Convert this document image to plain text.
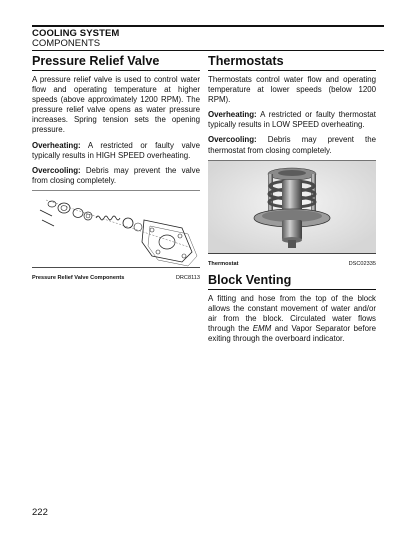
COOLING SYSTEM
COMPONENTS
Pressure Relief Valve

A pressure relief valve is used to control water flow and operating temperature at higher speeds (above approximately 1200 RPM). The pressure relief valve opens as water pressure increases. Spring tension sets the opening pressure.

Overheating: A restricted or faulty valve typically results in HIGH SPEED overheating.

Overcooling: Debris may prevent the valve from closing completely.

Pressure Relief Valve Components	DRC8113
Thermostats

Thermostats control water flow and operating temperature at lower speeds (below 1200 RPM).

Overheating: A restricted or faulty thermostat typically results in LOW SPEED overheating.

Overcooling: Debris may prevent the thermostat from closing completely.

Thermostat	DSC02335
Block Venting

A fitting and hose from the top of the block allows the constant movement of water and/or air from the block. Circulated water flows through the EMM and Vapor Separator before exiting through the overboard indicator.

222
